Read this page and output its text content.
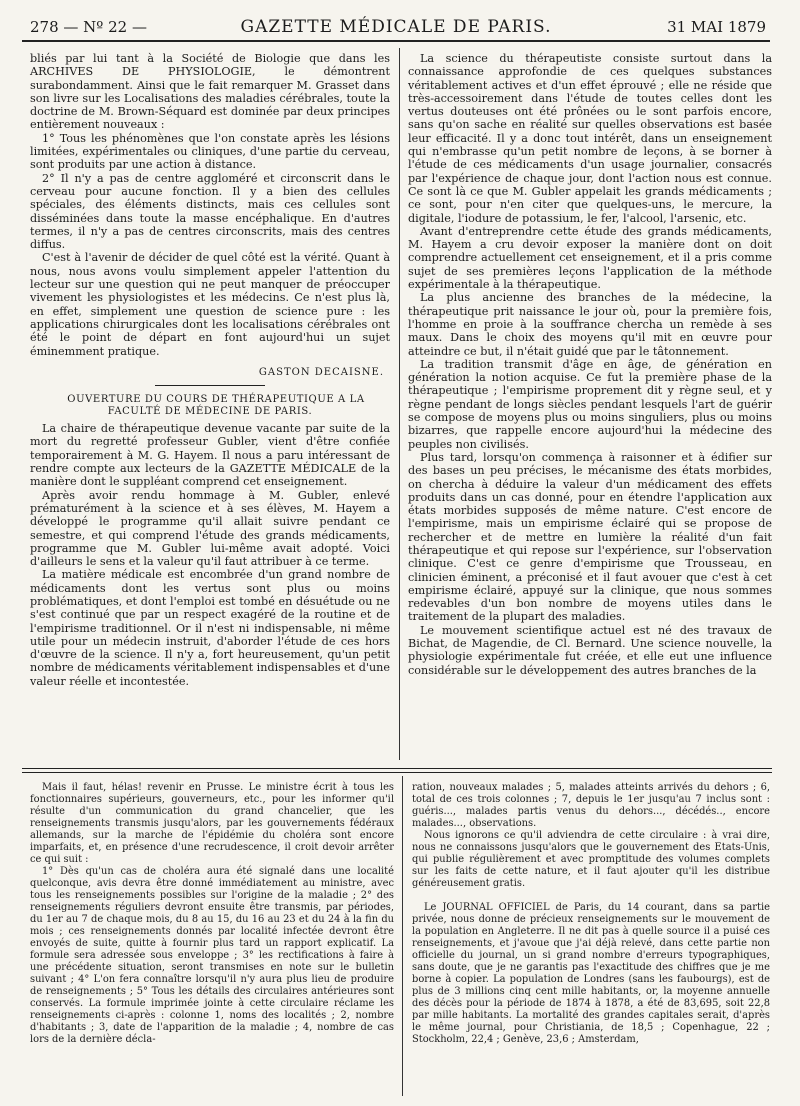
278 — Nº 22 —	GAZETTE MÉDICALE DE PARIS.	31 MAI 1879

bliés par lui tant à la Société de Biologie que dans les ARCHIVES DE PHYSIOLOGIE, le démontrent surabondamment. Ainsi que le fait remarquer M. Grasset dans son livre sur les Localisations des maladies cérébrales, toute la doctrine de M. Brown-Séquard est dominée par deux principes entièrement nouveaux :

1° Tous les phénomènes que l'on constate après les lésions limitées, expérimentales ou cliniques, d'une partie du cerveau, sont produits par une action à distance.

2° Il n'y a pas de centre aggloméré et circonscrit dans le cerveau pour aucune fonction. Il y a bien des cellules spéciales, des éléments distincts, mais ces cellules sont disséminées dans toute la masse encéphalique. En d'autres termes, il n'y a pas de centres circonscrits, mais des centres diffus.

C'est à l'avenir de décider de quel côté est la vérité. Quant à nous, nous avons voulu simplement appeler l'attention du lecteur sur une question qui ne peut manquer de préoccuper vivement les physiologistes et les médecins. Ce n'est plus là, en effet, simplement une question de science pure : les applications chirurgicales dont les localisations cérébrales ont été le point de départ en font aujourd'hui un sujet éminemment pratique.

GASTON DECAISNE.

OUVERTURE DU COURS DE THÉRAPEUTIQUE A LA FACULTÉ DE MÉDECINE DE PARIS.

La chaire de thérapeutique devenue vacante par suite de la mort du regretté professeur Gubler, vient d'être confiée temporairement à M. G. Hayem. Il nous a paru intéressant de rendre compte aux lecteurs de la GAZETTE MÉDICALE de la manière dont le suppléant comprend cet enseignement.

Après avoir rendu hommage à M. Gubler, enlevé prématurément à la science et à ses élèves, M. Hayem a développé le programme qu'il allait suivre pendant ce semestre, et qui comprend l'étude des grands médicaments, programme que M. Gubler lui-même avait adopté. Voici d'ailleurs le sens et la valeur qu'il faut attribuer à ce terme.

La matière médicale est encombrée d'un grand nombre de médicaments dont les vertus sont plus ou moins problématiques, et dont l'emploi est tombé en désuétude ou ne s'est continué que par un respect exagéré de la routine et de l'empirisme traditionnel. Or il n'est ni indispensable, ni même utile pour un médecin instruit, d'aborder l'étude de ces hors d'œuvre de la science. Il n'y a, fort heureusement, qu'un petit nombre de médicaments véritablement indispensables et d'une valeur réelle et incontestée.

La science du thérapeutiste consiste surtout dans la connaissance approfondie de ces quelques substances véritablement actives et d'un effet éprouvé ; elle ne réside que très-accessoirement dans l'étude de toutes celles dont les vertus douteuses ont été prônées ou le sont parfois encore, sans qu'on sache en réalité sur quelles observations est basée leur efficacité. Il y a donc tout intérêt, dans un enseignement qui n'embrasse qu'un petit nombre de leçons, à se borner à l'étude de ces médicaments d'un usage journalier, consacrés par l'expérience de chaque jour, dont l'action nous est connue. Ce sont là ce que M. Gubler appelait les grands médicaments ; ce sont, pour n'en citer que quelques-uns, le mercure, la digitale, l'iodure de potassium, le fer, l'alcool, l'arsenic, etc.

Avant d'entreprendre cette étude des grands médicaments, M. Hayem a cru devoir exposer la manière dont on doit comprendre actuellement cet enseignement, et il a pris comme sujet de ses premières leçons l'application de la méthode expérimentale à la thérapeutique.

La plus ancienne des branches de la médecine, la thérapeutique prit naissance le jour où, pour la première fois, l'homme en proie à la souffrance chercha un remède à ses maux. Dans le choix des moyens qu'il mit en œuvre pour atteindre ce but, il n'était guidé que par le tâtonnement.

La tradition transmit d'âge en âge, de génération en génération la notion acquise. Ce fut la première phase de la thérapeutique ; l'empirisme proprement dit y règne seul, et y règne pendant de longs siècles pendant lesquels l'art de guérir se compose de moyens plus ou moins singuliers, plus ou moins bizarres, que rappelle encore aujourd'hui la médecine des peuples non civilisés.

Plus tard, lorsqu'on commença à raisonner et à édifier sur des bases un peu précises, le mécanisme des états morbides, on chercha à déduire la valeur d'un médicament des effets produits dans un cas donné, pour en étendre l'application aux états morbides supposés de même nature. C'est encore de l'empirisme, mais un empirisme éclairé qui se propose de rechercher et de mettre en lumière la réalité d'un fait thérapeutique et qui repose sur l'expérience, sur l'observation clinique. C'est ce genre d'empirisme que Trousseau, en clinicien éminent, a préconisé et il faut avouer que c'est à cet empirisme éclairé, appuyé sur la clinique, que nous sommes redevables d'un bon nombre de moyens utiles dans le traitement de la plupart des maladies.

Le mouvement scientifique actuel est né des travaux de Bichat, de Magendie, de Cl. Bernard. Une science nouvelle, la physiologie expérimentale fut créée, et elle eut une influence considérable sur le développement des autres branches de la

Mais il faut, hélas! revenir en Prusse. Le ministre écrit à tous les fonctionnaires supérieurs, gouverneurs, etc., pour les informer qu'il résulte d'un communication du grand chancelier, que les renseignements transmis jusqu'alors, par les gouvernements fédéraux allemands, sur la marche de l'épidémie du choléra sont encore imparfaits, et, en présence d'une recrudescence, il croit devoir arrêter ce qui suit :

1° Dès qu'un cas de choléra aura été signalé dans une localité quelconque, avis devra être donné immédiatement au ministre, avec tous les renseignements possibles sur l'origine de la maladie ; 2° des renseignements réguliers devront ensuite être transmis, par périodes, du 1er au 7 de chaque mois, du 8 au 15, du 16 au 23 et du 24 à la fin du mois ; ces renseignements donnés par localité infectée devront être envoyés de suite, quitte à fournir plus tard un rapport explicatif. La formule sera adressée sous enveloppe ; 3° les rectifications à faire à une précédente situation, seront transmises en note sur le bulletin suivant ; 4° L'on fera connaître lorsqu'il n'y aura plus lieu de produire de renseignements ; 5° Tous les détails des circulaires antérieures sont conservés. La formule imprimée jointe à cette circulaire réclame les renseignements ci-après : colonne 1, noms des localités ; 2, nombre d'habitants ; 3, date de l'apparition de la maladie ; 4, nombre de cas lors de la dernière décla-

ration, nouveaux malades ; 5, malades atteints arrivés du dehors ; 6, total de ces trois colonnes ; 7, depuis le 1er jusqu'au 7 inclus sont : guéris..., malades partis venus du dehors..., décédés.., encore malades..., observations.

Nous ignorons ce qu'il adviendra de cette circulaire : à vrai dire, nous ne connaissons jusqu'alors que le gouvernement des Etats-Unis, qui publie régulièrement et avec promptitude des volumes complets sur les faits de cette nature, et il faut ajouter qu'il les distribue généreusement gratis.

Le JOURNAL OFFICIEL de Paris, du 14 courant, dans sa partie privée, nous donne de précieux renseignements sur le mouvement de la population en Angleterre. Il ne dit pas à quelle source il a puisé ces renseignements, et j'avoue que j'ai déjà relevé, dans cette partie non officielle du journal, un si grand nombre d'erreurs typographiques, sans doute, que je ne garantis pas l'exactitude des chiffres que je me borne à copier. La population de Londres (sans les faubourgs), est de plus de 3 millions cinq cent mille habitants, or, la moyenne annuelle des décès pour la période de 1874 à 1878, a été de 83,695, soit 22,8 par mille habitants. La mortalité des grandes capitales serait, d'après le même journal, pour Christiania, de 18,5 ; Copenhague, 22 ; Stockholm, 22,4 ; Genève, 23,6 ; Amsterdam,
